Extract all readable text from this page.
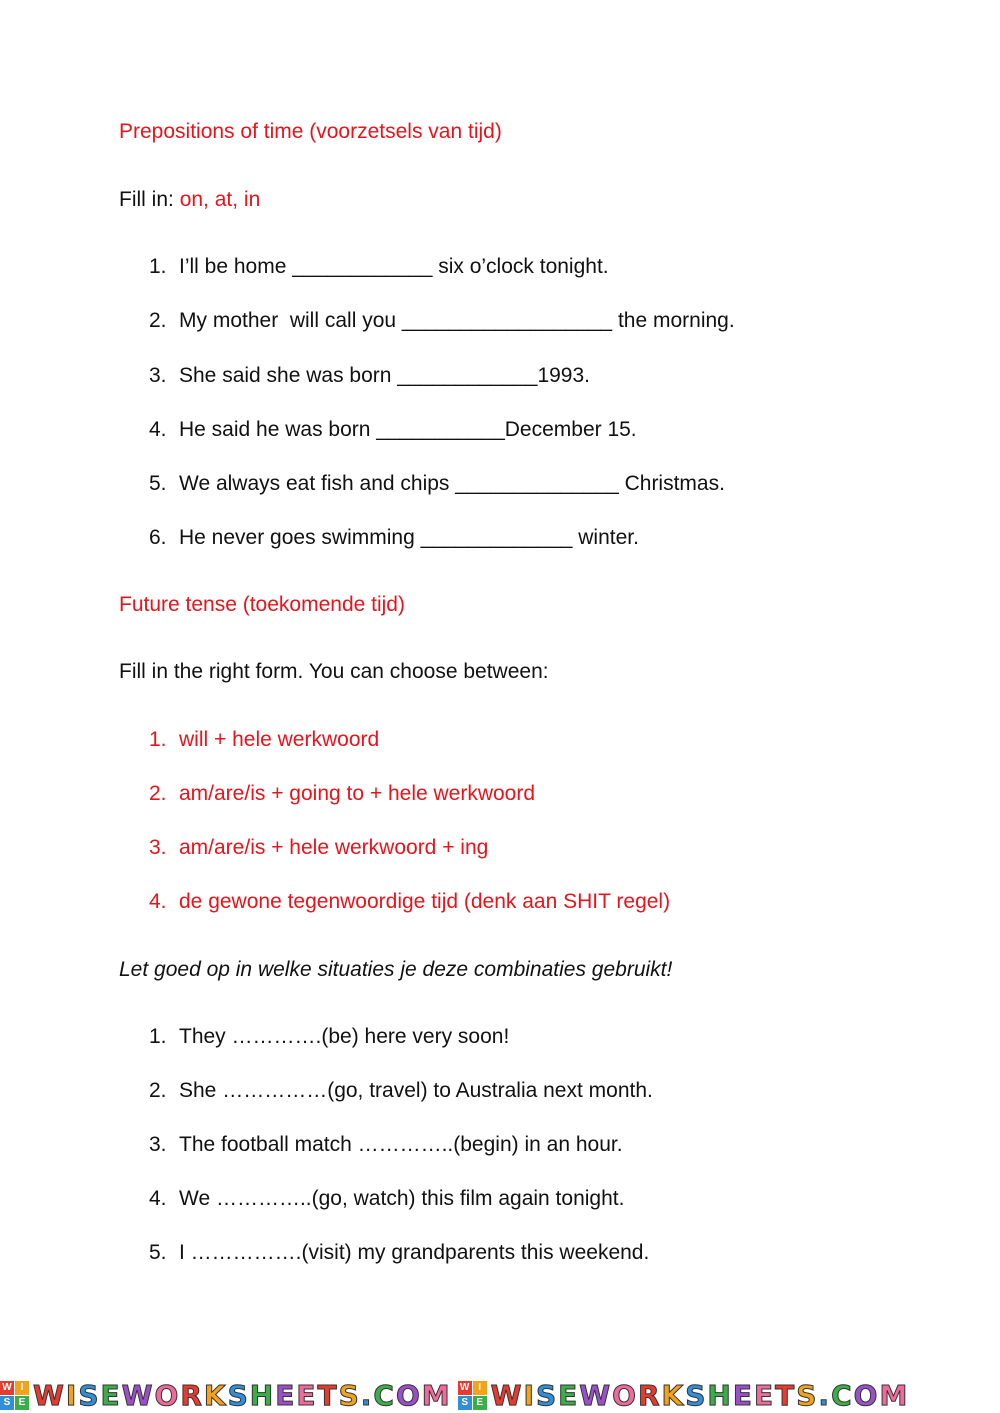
Prepositions of time (voorzetsels van tijd)
Fill in: on, at, in
1. I’ll be home ____________ six o’clock tonight.
2. My mother  will call you __________________ the morning.
3. She said she was born ____________1993.
4. He said he was born ___________December 15.
5. We always eat fish and chips ______________ Christmas.
6. He never goes swimming _____________ winter.
Future tense (toekomende tijd)
Fill in the right form. You can choose between:
1. will + hele werkwoord
2. am/are/is + going to + hele werkwoord
3. am/are/is + hele werkwoord + ing
4. de gewone tegenwoordige tijd (denk aan SHIT regel)
Let goed op in welke situaties je deze combinaties gebruikt!
1. They ………….(be) here very soon!
2. She ……………(go, travel) to Australia next month.
3. The football match …………..(begin) in an hour.
4. We …………..(go, watch) this film again tonight.
5. I …………….(visit) my grandparents this weekend.
W I
S E WISEWORKSHEETS.COM W I
S E WISEWORKSHEETS.COM
